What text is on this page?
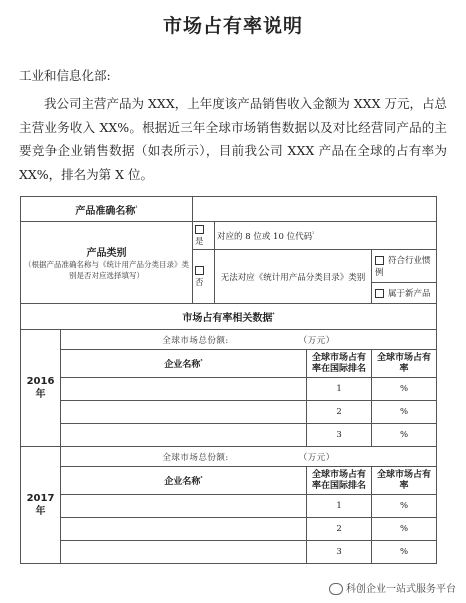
市场占有率说明
工业和信息化部:
我公司主营产品为 XXX，上年度该产品销售收入金额为 XXX 万元，占总主营业务收入 XX%。根据近三年全球市场销售数据以及对比经营同产品的主要竞争企业销售数据（如表所示），目前我公司 XXX 产品在全球的占有率为 XX%，排名为第 X 位。
产品准确名称$^{^1}$	

产品类别
（根据产品准确名称与《统计用产品分类目录》类别是否对应选择填写）		是	对应的 8 位或 10 位代码$^{^2}$
		否	无法对应《统计用产品分类目录》类别		符合行业惯例
属于新产品

市场占有率相关数据$^{^4}$
2016 年	全球市场总份额: （万元）				
	企业名称$^{^3}$			全球市场占有率在国际排名	全球市场占有率
				1	%
				2	%
				3	%
2017 年	全球市场总份额: （万元）				
	企业名称$^{^3}$			全球市场占有率在国际排名	全球市场占有率
				1	%
				2	%
				3	%
科创企业一站式服务平台
